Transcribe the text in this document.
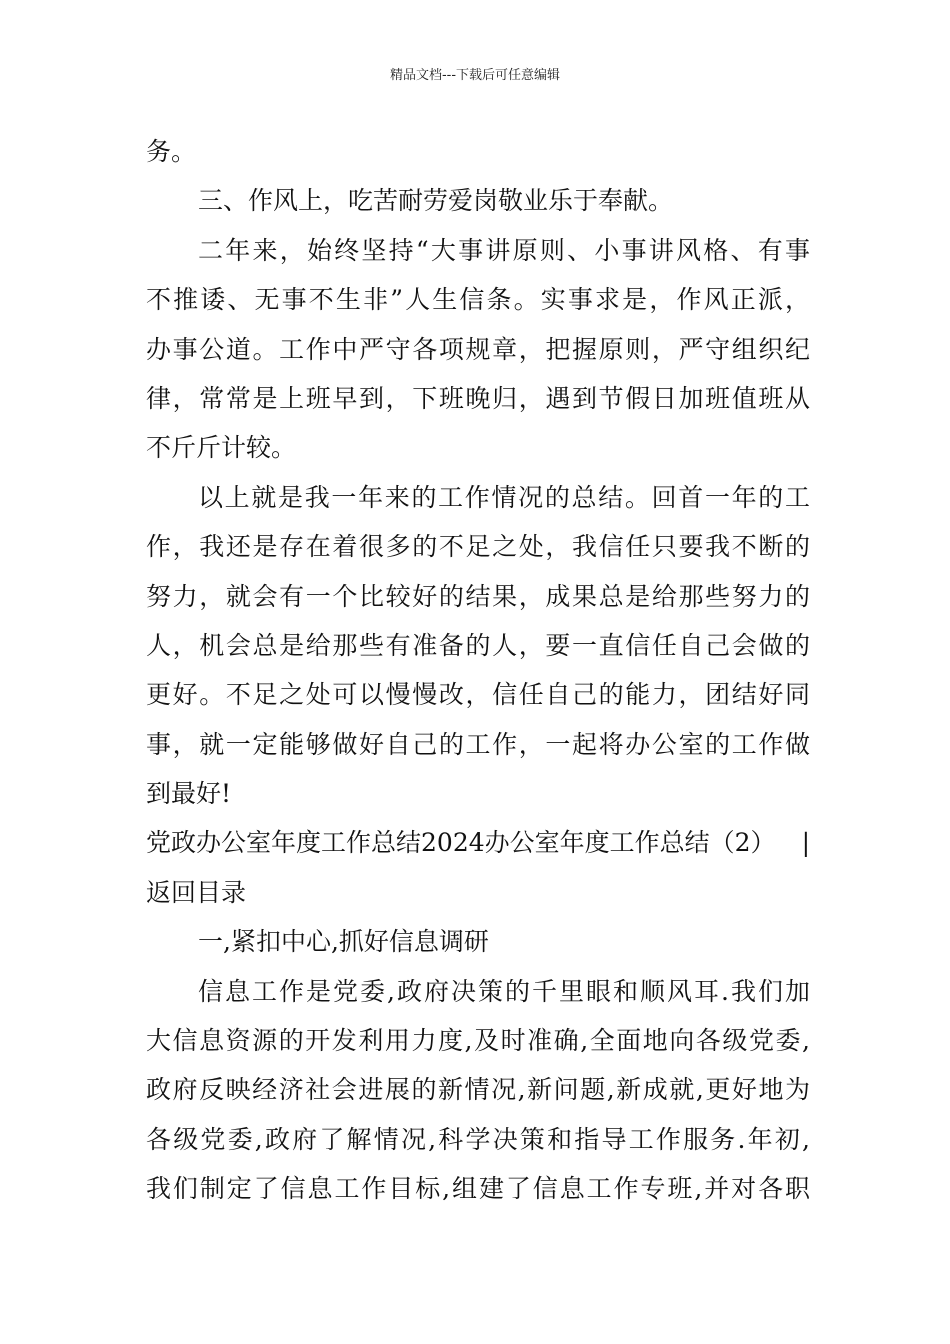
精品文档---下载后可任意编辑
务。
三、作风上，吃苦耐劳爱岗敬业乐于奉献。
二年来，始终坚持“大事讲原则、小事讲风格、有事
不推诿、无事不生非”人生信条。实事求是，作风正派，
办事公道。工作中严守各项规章，把握原则，严守组织纪
律，常常是上班早到，下班晚归，遇到节假日加班值班从
不斤斤计较。
以上就是我一年来的工作情况的总结。回首一年的工
作，我还是存在着很多的不足之处，我信任只要我不断的
努力，就会有一个比较好的结果，成果总是给那些努力的
人，机会总是给那些有准备的人，要一直信任自己会做的
更好。不足之处可以慢慢改，信任自己的能力，团结好同
事，就一定能够做好自己的工作，一起将办公室的工作做
到最好!
党政办公室年度工作总结2024办公室年度工作总结（2） |
返回目录
一,紧扣中心,抓好信息调研
信息工作是党委,政府决策的千里眼和顺风耳.我们加
大信息资源的开发利用力度,及时准确,全面地向各级党委,
政府反映经济社会进展的新情况,新问题,新成就,更好地为
各级党委,政府了解情况,科学决策和指导工作服务.年初,
我们制定了信息工作目标,组建了信息工作专班,并对各职
